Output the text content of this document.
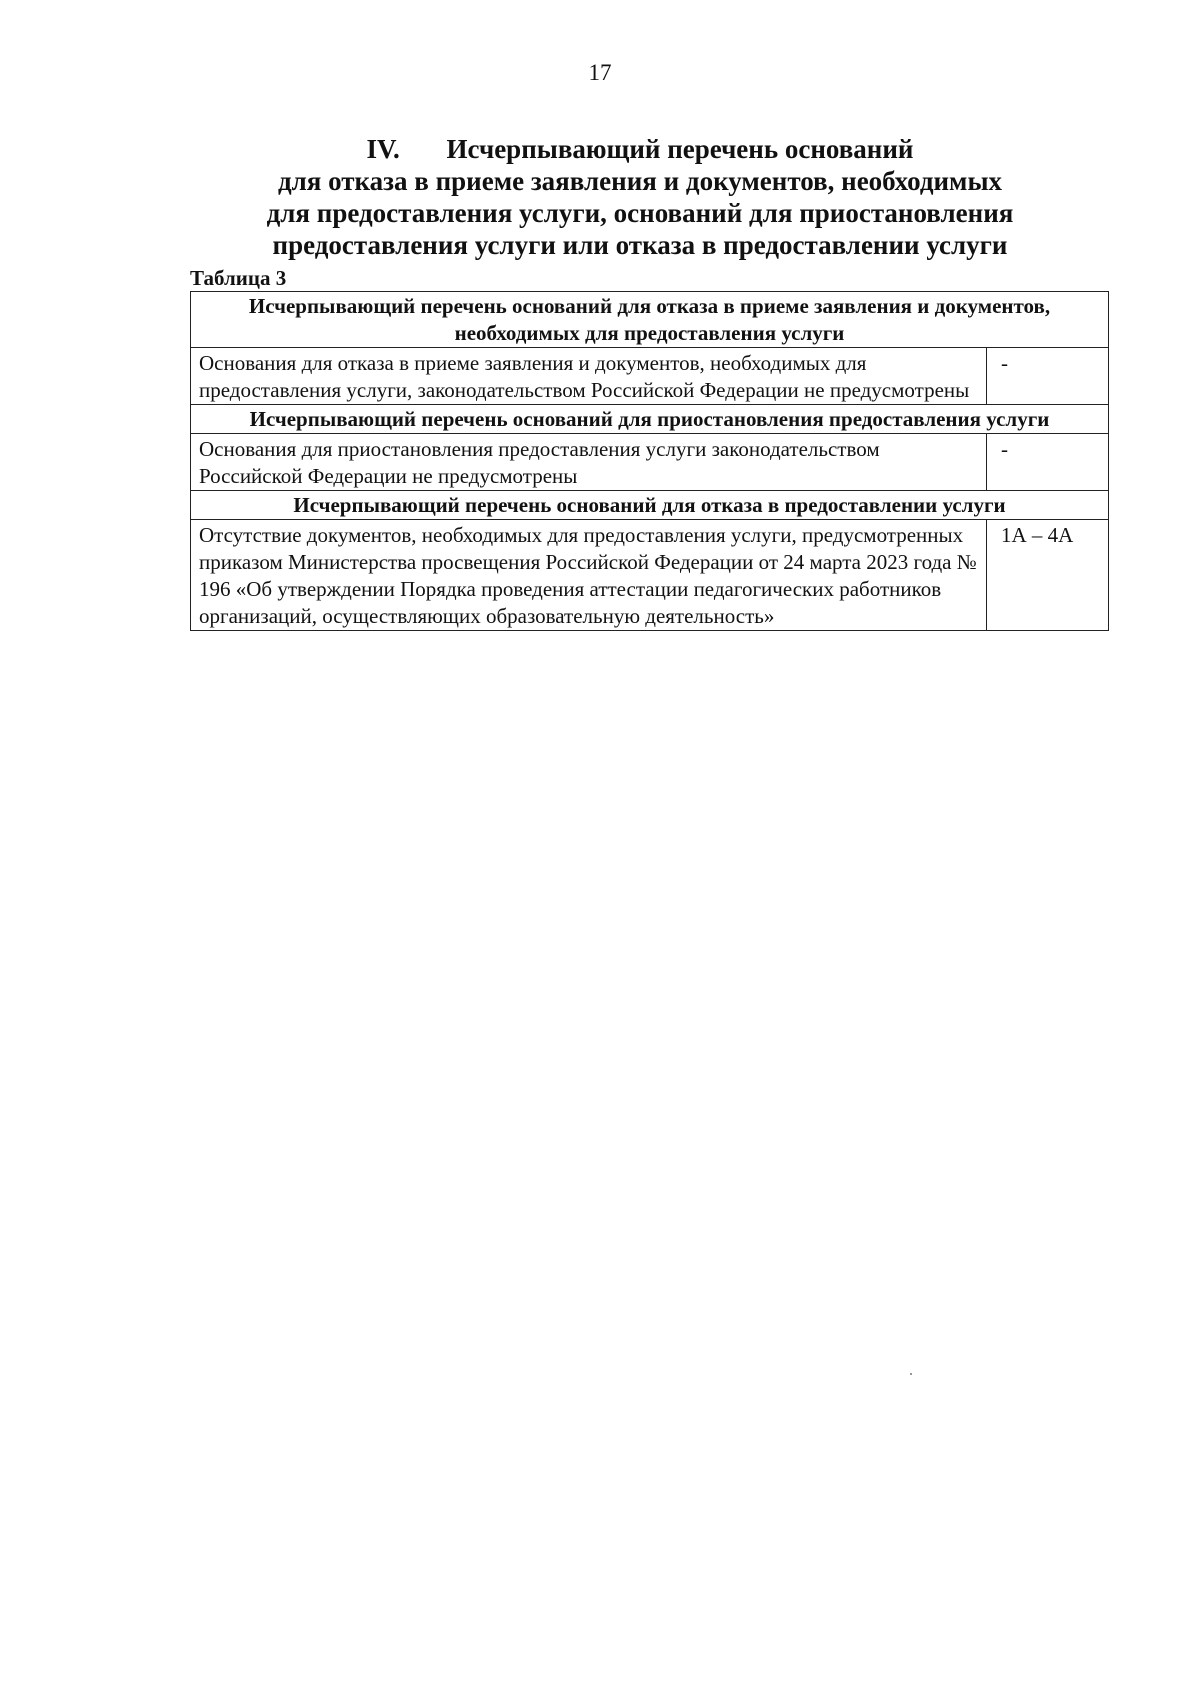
17
IV. Исчерпывающий перечень оснований
для отказа в приеме заявления и документов, необходимых
для предоставления услуги, оснований для приостановления
предоставления услуги или отказа в предоставлении услуги
Таблица 3
Исчерпывающий перечень оснований для отказа в приеме заявления и документов, необходимых для предоставления услуги	
Основания для отказа в приеме заявления и документов, необходимых для предоставления услуги, законодательством Российской Федерации не предусмотрены	-
Исчерпывающий перечень оснований для приостановления предоставления услуги	
Основания для приостановления предоставления услуги законодательством Российской Федерации не предусмотрены	-
Исчерпывающий перечень оснований для отказа в предоставлении услуги	
Отсутствие документов, необходимых для предоставления услуги, предусмотренных приказом Министерства просвещения Российской Федерации от 24 марта 2023 года № 196 «Об утверждении Порядка проведения аттестации педагогических работников организаций, осуществляющих образовательную деятельность»	1А – 4А
